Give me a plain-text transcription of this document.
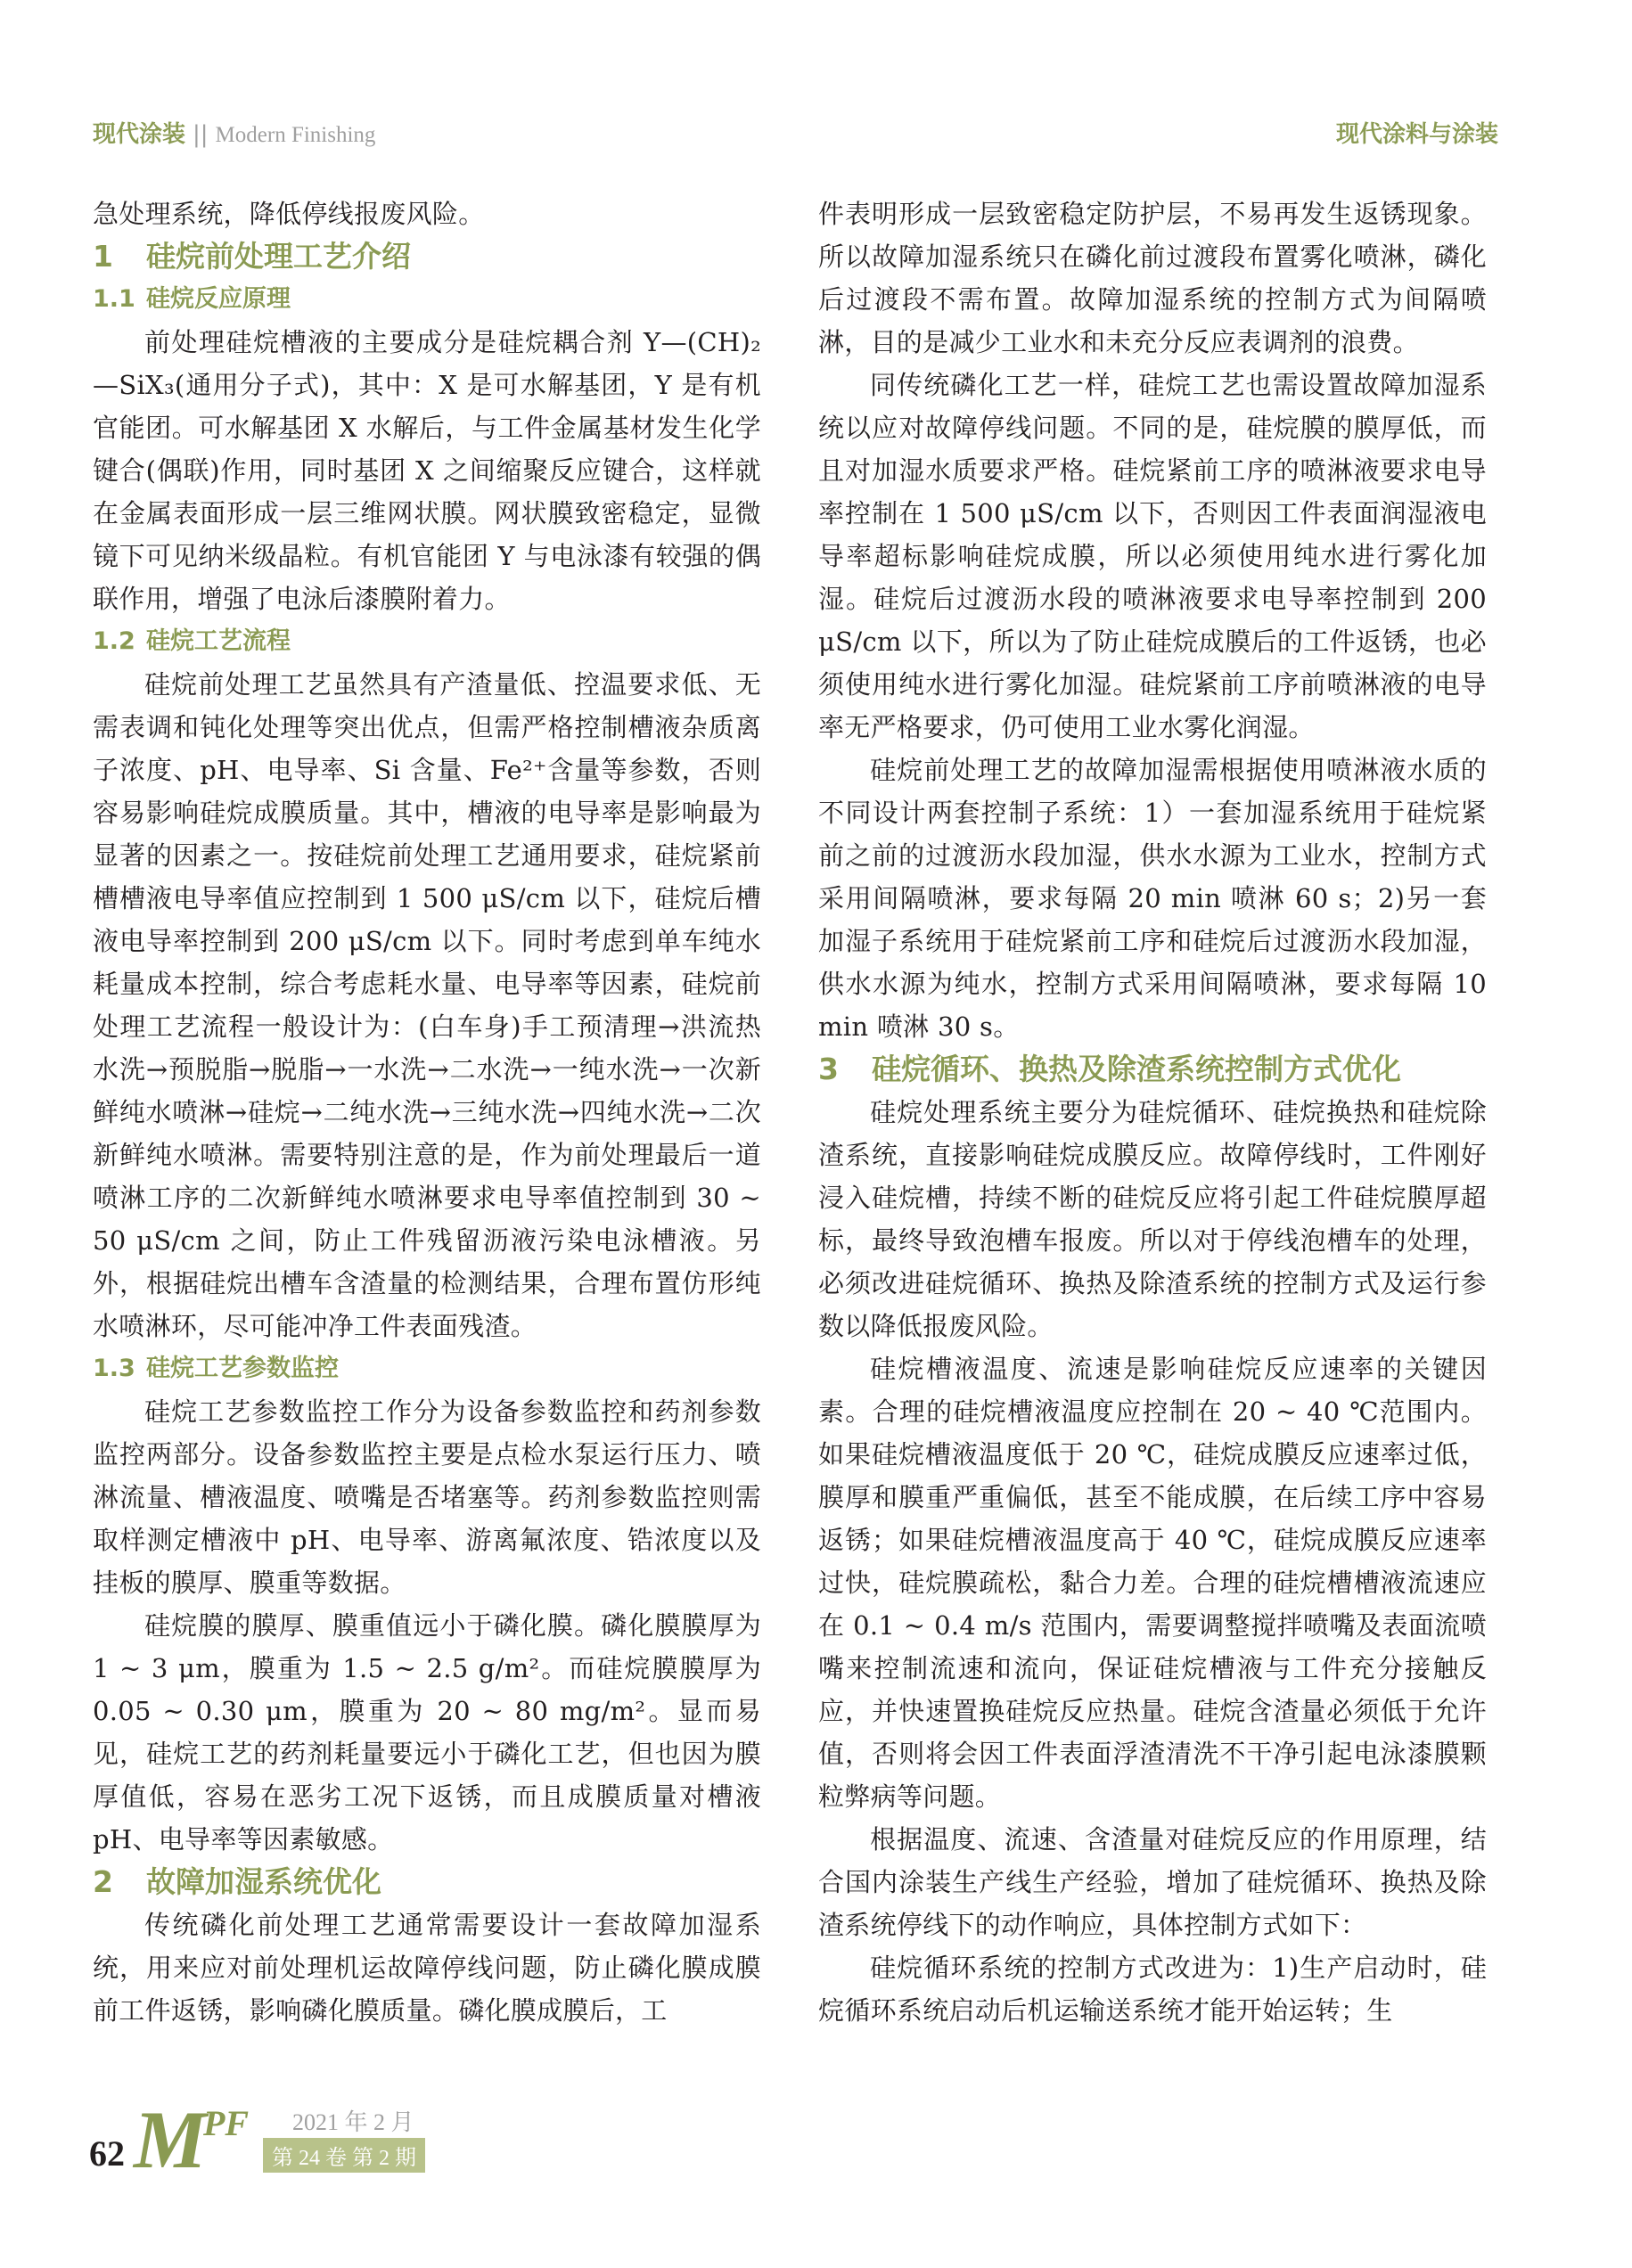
现代涂装 || Modern Finishing	现代涂料与涂装

急处理系统，降低停线报废风险。

1 硅烷前处理工艺介绍
1.1 硅烷反应原理

前处理硅烷槽液的主要成分是硅烷耦合剂 Y—(CH)₂—SiX₃(通用分子式)，其中：X 是可水解基团，Y 是有机官能团。可水解基团 X 水解后，与工件金属基材发生化学键合(偶联)作用，同时基团 X 之间缩聚反应键合，这样就在金属表面形成一层三维网状膜。网状膜致密稳定，显微镜下可见纳米级晶粒。有机官能团 Y 与电泳漆有较强的偶联作用，增强了电泳后漆膜附着力。

1.2 硅烷工艺流程

硅烷前处理工艺虽然具有产渣量低、控温要求低、无需表调和钝化处理等突出优点，但需严格控制槽液杂质离子浓度、pH、电导率、Si 含量、Fe²⁺含量等参数，否则容易影响硅烷成膜质量。其中，槽液的电导率是影响最为显著的因素之一。按硅烷前处理工艺通用要求，硅烷紧前槽槽液电导率值应控制到 1 500 μS/cm 以下，硅烷后槽液电导率控制到 200 μS/cm 以下。同时考虑到单车纯水耗量成本控制，综合考虑耗水量、电导率等因素，硅烷前处理工艺流程一般设计为：(白车身)手工预清理→洪流热水洗→预脱脂→脱脂→一水洗→二水洗→一纯水洗→一次新鲜纯水喷淋→硅烷→二纯水洗→三纯水洗→四纯水洗→二次新鲜纯水喷淋。需要特别注意的是，作为前处理最后一道喷淋工序的二次新鲜纯水喷淋要求电导率值控制到 30 ~ 50 μS/cm 之间，防止工件残留沥液污染电泳槽液。另外，根据硅烷出槽车含渣量的检测结果，合理布置仿形纯水喷淋环，尽可能冲净工件表面残渣。

1.3 硅烷工艺参数监控

硅烷工艺参数监控工作分为设备参数监控和药剂参数监控两部分。设备参数监控主要是点检水泵运行压力、喷淋流量、槽液温度、喷嘴是否堵塞等。药剂参数监控则需取样测定槽液中 pH、电导率、游离氟浓度、锆浓度以及挂板的膜厚、膜重等数据。

硅烷膜的膜厚、膜重值远小于磷化膜。磷化膜膜厚为 1 ~ 3 μm，膜重为 1.5 ~ 2.5 g/m²。而硅烷膜膜厚为 0.05 ~ 0.30 μm，膜重为 20 ~ 80 mg/m²。显而易见，硅烷工艺的药剂耗量要远小于磷化工艺，但也因为膜厚值低，容易在恶劣工况下返锈，而且成膜质量对槽液 pH、电导率等因素敏感。

2 故障加湿系统优化

传统磷化前处理工艺通常需要设计一套故障加湿系统，用来应对前处理机运故障停线问题，防止磷化膜成膜前工件返锈，影响磷化膜质量。磷化膜成膜后，工

件表明形成一层致密稳定防护层，不易再发生返锈现象。所以故障加湿系统只在磷化前过渡段布置雾化喷淋，磷化后过渡段不需布置。故障加湿系统的控制方式为间隔喷淋，目的是减少工业水和未充分反应表调剂的浪费。

同传统磷化工艺一样，硅烷工艺也需设置故障加湿系统以应对故障停线问题。不同的是，硅烷膜的膜厚低，而且对加湿水质要求严格。硅烷紧前工序的喷淋液要求电导率控制在 1 500 μS/cm 以下，否则因工件表面润湿液电导率超标影响硅烷成膜，所以必须使用纯水进行雾化加湿。硅烷后过渡沥水段的喷淋液要求电导率控制到 200 μS/cm 以下，所以为了防止硅烷成膜后的工件返锈，也必须使用纯水进行雾化加湿。硅烷紧前工序前喷淋液的电导率无严格要求，仍可使用工业水雾化润湿。

硅烷前处理工艺的故障加湿需根据使用喷淋液水质的不同设计两套控制子系统：1）一套加湿系统用于硅烷紧前之前的过渡沥水段加湿，供水水源为工业水，控制方式采用间隔喷淋，要求每隔 20 min 喷淋 60 s；2)另一套加湿子系统用于硅烷紧前工序和硅烷后过渡沥水段加湿，供水水源为纯水，控制方式采用间隔喷淋，要求每隔 10 min 喷淋 30 s。

3 硅烷循环、换热及除渣系统控制方式优化

硅烷处理系统主要分为硅烷循环、硅烷换热和硅烷除渣系统，直接影响硅烷成膜反应。故障停线时，工件刚好浸入硅烷槽，持续不断的硅烷反应将引起工件硅烷膜厚超标，最终导致泡槽车报废。所以对于停线泡槽车的处理，必须改进硅烷循环、换热及除渣系统的控制方式及运行参数以降低报废风险。

硅烷槽液温度、流速是影响硅烷反应速率的关键因素。合理的硅烷槽液温度应控制在 20 ~ 40 ℃范围内。如果硅烷槽液温度低于 20 ℃，硅烷成膜反应速率过低，膜厚和膜重严重偏低，甚至不能成膜，在后续工序中容易返锈；如果硅烷槽液温度高于 40 ℃，硅烷成膜反应速率过快，硅烷膜疏松，黏合力差。合理的硅烷槽槽液流速应在 0.1 ~ 0.4 m/s 范围内，需要调整搅拌喷嘴及表面流喷嘴来控制流速和流向，保证硅烷槽液与工件充分接触反应，并快速置换硅烷反应热量。硅烷含渣量必须低于允许值，否则将会因工件表面浮渣清洗不干净引起电泳漆膜颗粒弊病等问题。

根据温度、流速、含渣量对硅烷反应的作用原理，结合国内涂装生产线生产经验，增加了硅烷循环、换热及除渣系统停线下的动作响应，具体控制方式如下：

硅烷循环系统的控制方式改进为：1)生产启动时，硅烷循环系统启动后机运输送系统才能开始运转；生

62 M
PF 2021 年 2 月
第 24 卷 第 2 期
